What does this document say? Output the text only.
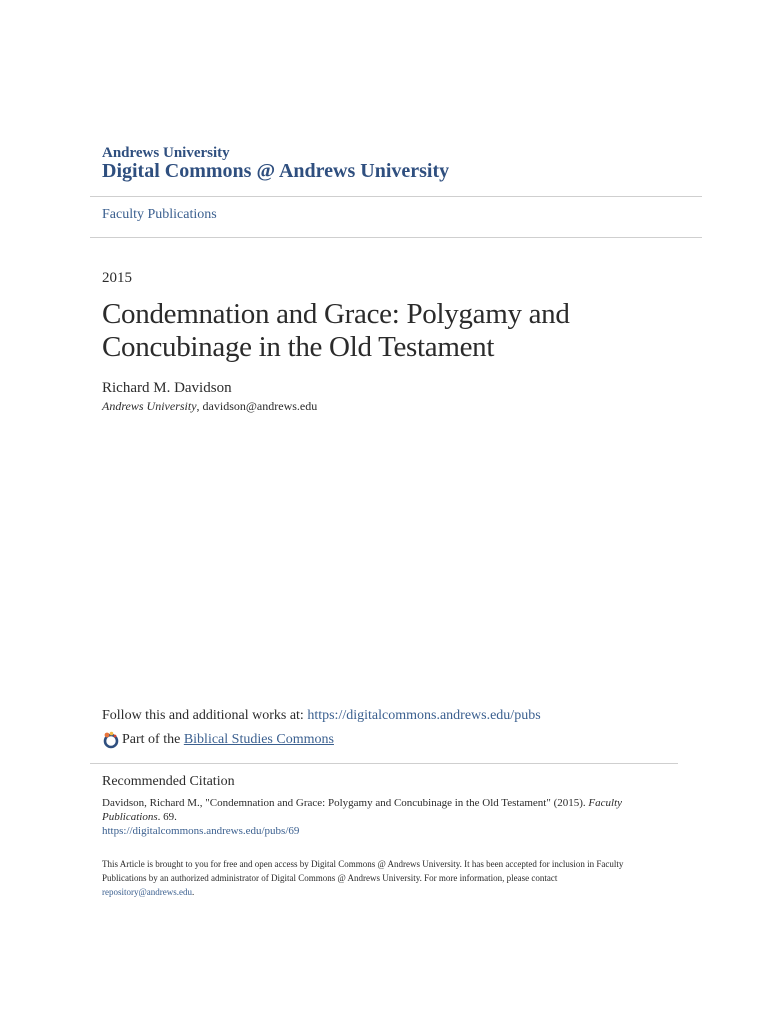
Andrews University
Digital Commons @ Andrews University
Faculty Publications
2015
Condemnation and Grace: Polygamy and Concubinage in the Old Testament
Richard M. Davidson
Andrews University, davidson@andrews.edu
Follow this and additional works at: https://digitalcommons.andrews.edu/pubs
Part of the
Biblical Studies Commons
Recommended Citation
Davidson, Richard M., "Condemnation and Grace: Polygamy and Concubinage in the Old Testament" (2015). Faculty Publications. 69.
https://digitalcommons.andrews.edu/pubs/69
This Article is brought to you for free and open access by Digital Commons @ Andrews University. It has been accepted for inclusion in Faculty Publications by an authorized administrator of Digital Commons @ Andrews University. For more information, please contact
repository@andrews.edu.
